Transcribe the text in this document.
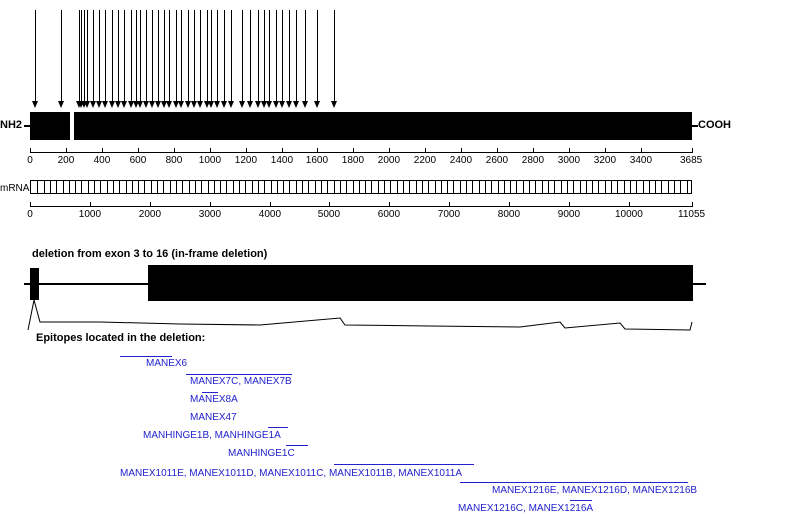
NH2	COOH
0 200 400 600 800 1000 1200 1400 1600 1800 2000 2200 2400 2600 2800 3000 3200 3400	3685
mRNA
0	1000	2000	3000	4000	5000	6000	7000	8000	9000	10000	11055
deletion from exon 3 to 16 (in-frame deletion)
Epitopes located in the deletion:
MANEX6
MANEX7C, MANEX7B
MANEX8A
MANEX47
MANHINGE1B, MANHINGE1A
MANHINGE1C
MANEX1011E, MANEX1011D, MANEX1011C, MANEX1011B, MANEX1011A
MANEX1216E, MANEX1216D, MANEX1216B
MANEX1216C, MANEX1216A
